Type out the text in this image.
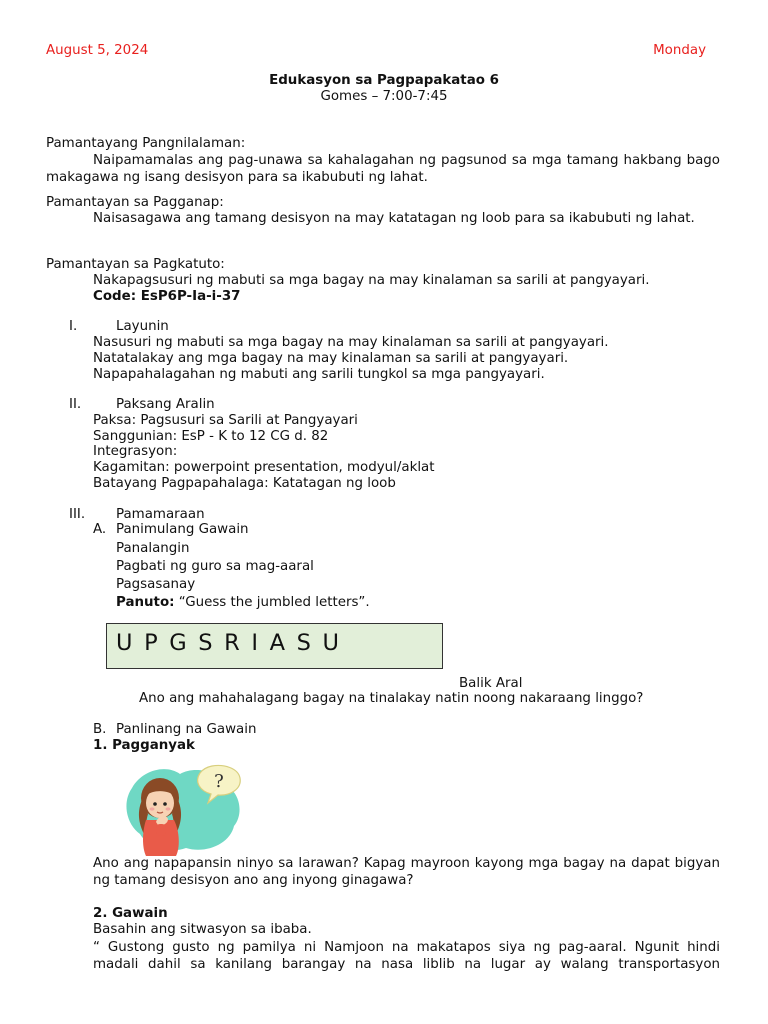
August 5, 2024	Monday
Edukasyon sa Pagpapakatao 6
Gomes – 7:00-7:45
Pamantayang Pangnilalaman:
Naipamamalas ang pag-unawa sa kahalagahan ng pagsunod sa mga tamang hakbang bago makagawa ng isang desisyon para sa ikabubuti ng lahat.
Pamantayan sa Pagganap:
Naisasagawa ang tamang desisyon na may katatagan ng loob para sa ikabubuti ng lahat.
Pamantayan sa Pagkatuto:
Nakapagsusuri ng mabuti sa mga bagay na may kinalaman sa sarili at pangyayari.
Code: EsP6P-Ia-i-37
I.	Layunin
Nasusuri ng mabuti sa mga bagay na may kinalaman sa sarili at pangyayari.
Natatalakay ang mga bagay na may kinalaman sa sarili at pangyayari.
Napapahalagahan ng mabuti ang sarili tungkol sa mga pangyayari.
II.	Paksang Aralin
Paksa: Pagsusuri sa Sarili at Pangyayari
Sanggunian: EsP - K to 12 CG d. 82
Integrasyon:
Kagamitan: powerpoint presentation, modyul/aklat
Batayang Pagpapahalaga: Katatagan ng loob
III. Pamamaraan
A. Panimulang Gawain
Panalangin
Pagbati ng guro sa mag-aaral
Pagsasanay
Panuto: “Guess the jumbled letters”.
UPGSRIASU
Balik Aral
Ano ang mahahalagang bagay na tinalakay natin noong nakaraang linggo?
B. Panlinang na Gawain
1. Pagganyak
?
Ano ang napapansin ninyo sa larawan? Kapag mayroon kayong mga bagay na dapat bigyan ng tamang desisyon ano ang inyong ginagawa?
2. Gawain
Basahin ang sitwasyon sa ibaba.
“ Gustong gusto ng pamilya ni Namjoon na makatapos siya ng pag-aaral. Ngunit hindi madali dahil sa kanilang barangay na nasa liblib na lugar ay walang transportasyon
